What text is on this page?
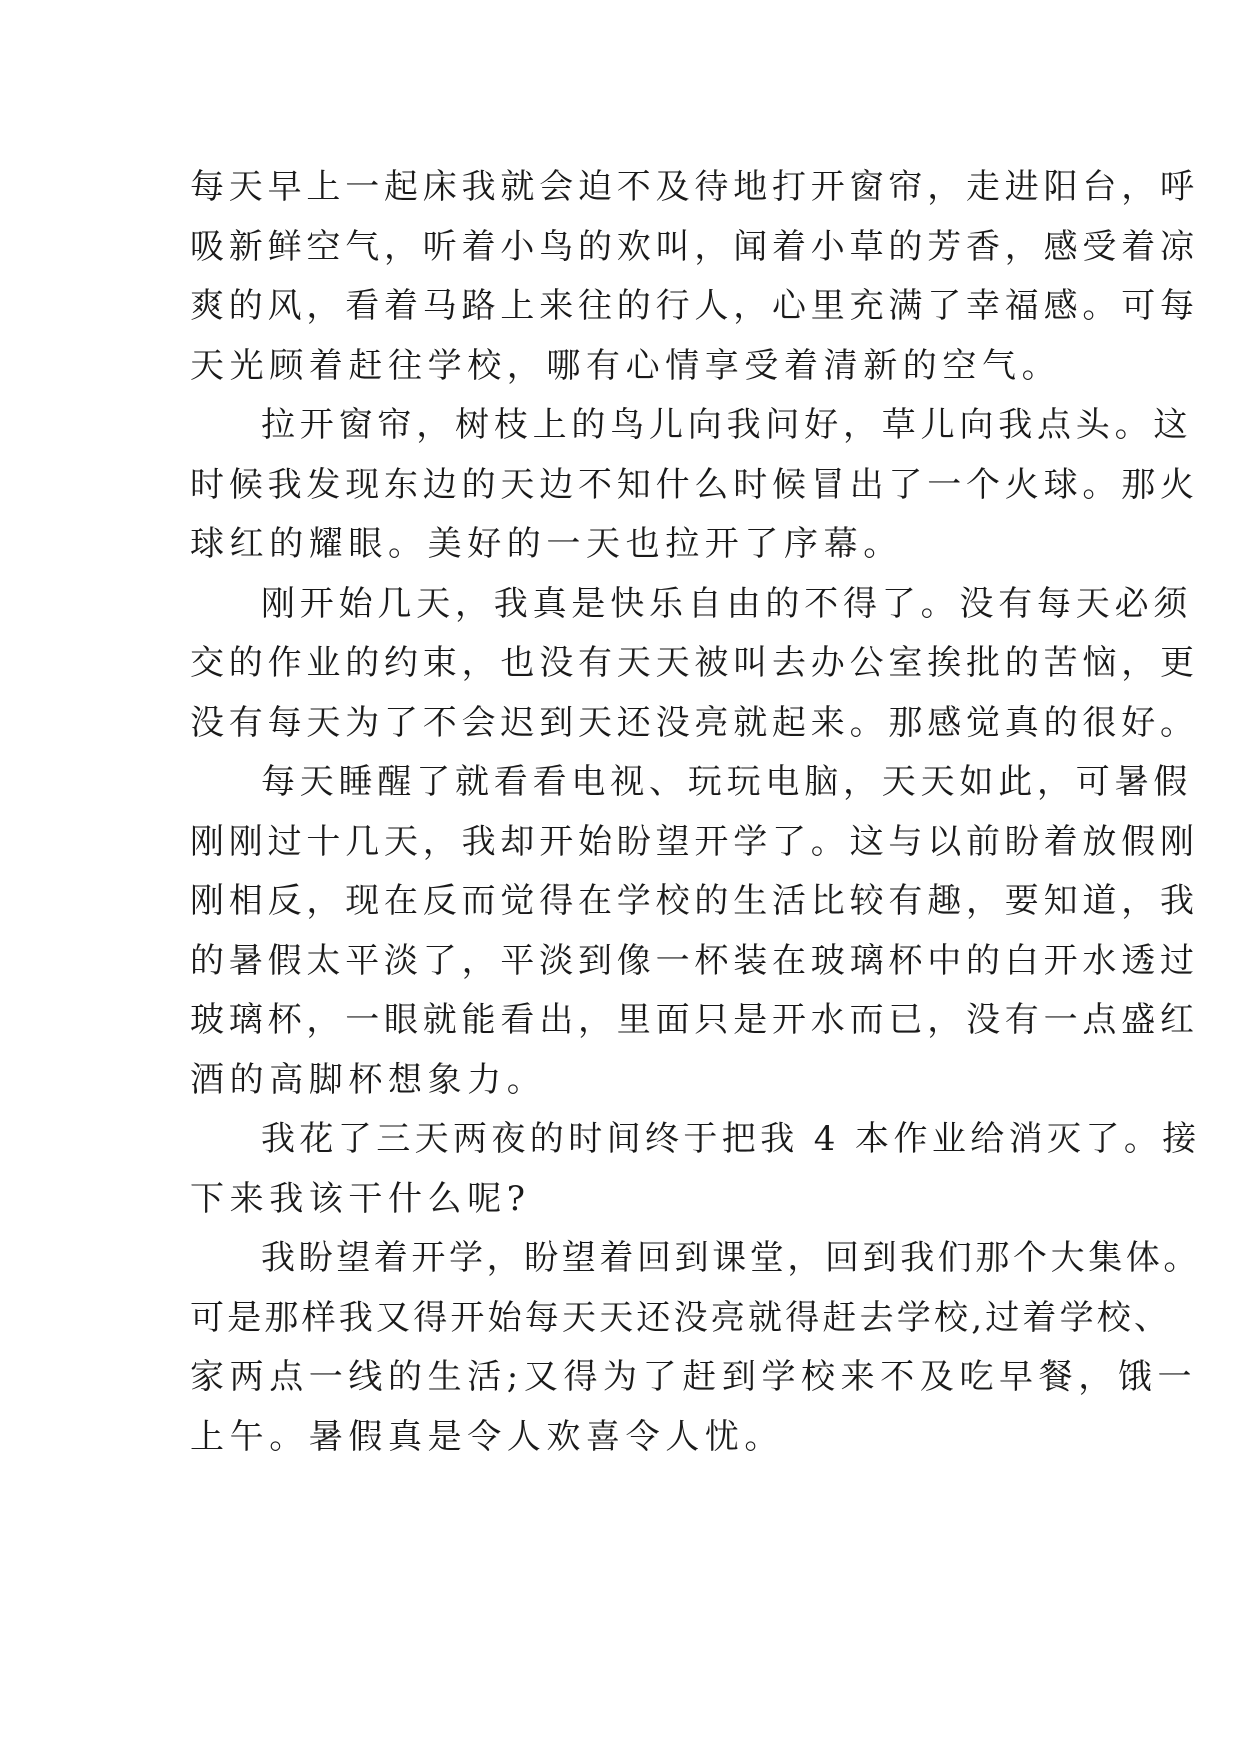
每天早上一起床我就会迫不及待地打开窗帘，走进阳台，呼
吸新鲜空气，听着小鸟的欢叫，闻着小草的芳香，感受着凉
爽的风，看着马路上来往的行人，心里充满了幸福感。可每
天光顾着赶往学校，哪有心情享受着清新的空气。
拉开窗帘，树枝上的鸟儿向我问好，草儿向我点头。这
时候我发现东边的天边不知什么时候冒出了一个火球。那火
球红的耀眼。美好的一天也拉开了序幕。
刚开始几天，我真是快乐自由的不得了。没有每天必须
交的作业的约束，也没有天天被叫去办公室挨批的苦恼，更
没有每天为了不会迟到天还没亮就起来。那感觉真的很好。
每天睡醒了就看看电视、玩玩电脑，天天如此，可暑假
刚刚过十几天，我却开始盼望开学了。这与以前盼着放假刚
刚相反，现在反而觉得在学校的生活比较有趣，要知道，我
的暑假太平淡了，平淡到像一杯装在玻璃杯中的白开水透过
玻璃杯，一眼就能看出，里面只是开水而已，没有一点盛红
酒的高脚杯想象力。
我花了三天两夜的时间终于把我 4 本作业给消灭了。接
下来我该干什么呢?
我盼望着开学，盼望着回到课堂，回到我们那个大集体。
可是那样我又得开始每天天还没亮就得赶去学校,过着学校、
家两点一线的生活;又得为了赶到学校来不及吃早餐，饿一
上午。暑假真是令人欢喜令人忧。
